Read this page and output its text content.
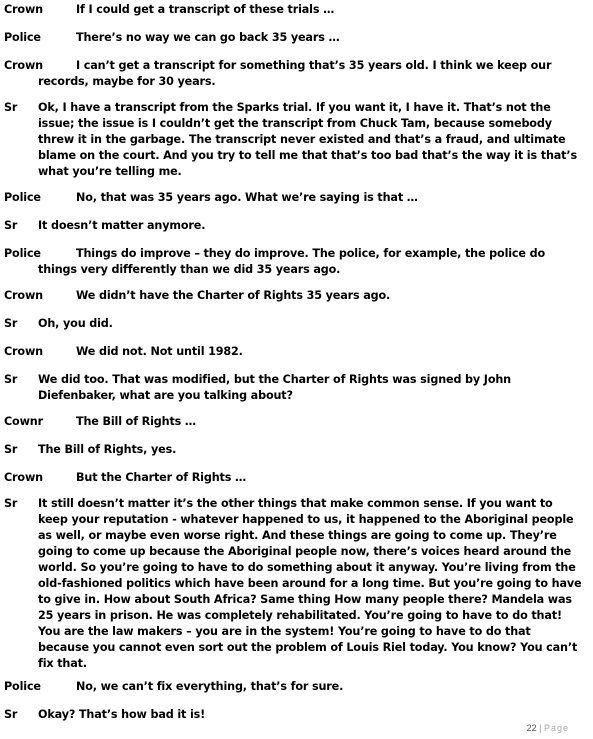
Crown	If I could get a transcript of these trials …
Police	There’s no way we can go back 35 years …
Crown	I can’t get a transcript for something that’s 35 years old. I think we keep our records, maybe for 30 years.
Sr	Ok, I have a transcript from the Sparks trial. If you want it, I have it. That’s not the issue; the issue is I couldn’t get the transcript from Chuck Tam, because somebody threw it in the garbage. The transcript never existed and that’s a fraud, and ultimate blame on the court. And you try to tell me that that’s too bad that’s the way it is that’s what you’re telling me.
Police	No, that was 35 years ago. What we’re saying is that …
Sr	It doesn’t matter anymore.
Police	Things do improve – they do improve. The police, for example, the police do things very differently than we did 35 years ago.
Crown	We didn’t have the Charter of Rights 35 years ago.
Sr	Oh, you did.
Crown	We did not. Not until 1982.
Sr	We did too. That was modified, but the Charter of Rights was signed by John Diefenbaker, what are you talking about?
Cownr	The Bill of Rights …
Sr	The Bill of Rights, yes.
Crown	But the Charter of Rights …
Sr	It still doesn’t matter it’s the other things that make common sense. If you want to keep your reputation - whatever happened to us, it happened to the Aboriginal people as well, or maybe even worse right. And these things are going to come up. They’re going to come up because the Aboriginal people now, there’s voices heard around the world. So you’re going to have to do something about it anyway. You’re living from the old-fashioned politics which have been around for a long time. But you’re going to have to give in. How about South Africa? Same thing How many people there? Mandela was 25 years in prison. He was completely rehabilitated. You’re going to have to do that! You are the law makers – you are in the system! You’re going to have to do that because you cannot even sort out the problem of Louis Riel today. You know? You can’t fix that.
Police	No, we can’t fix everything, that’s for sure.
Sr	Okay? That’s how bad it is!
22 | Page
